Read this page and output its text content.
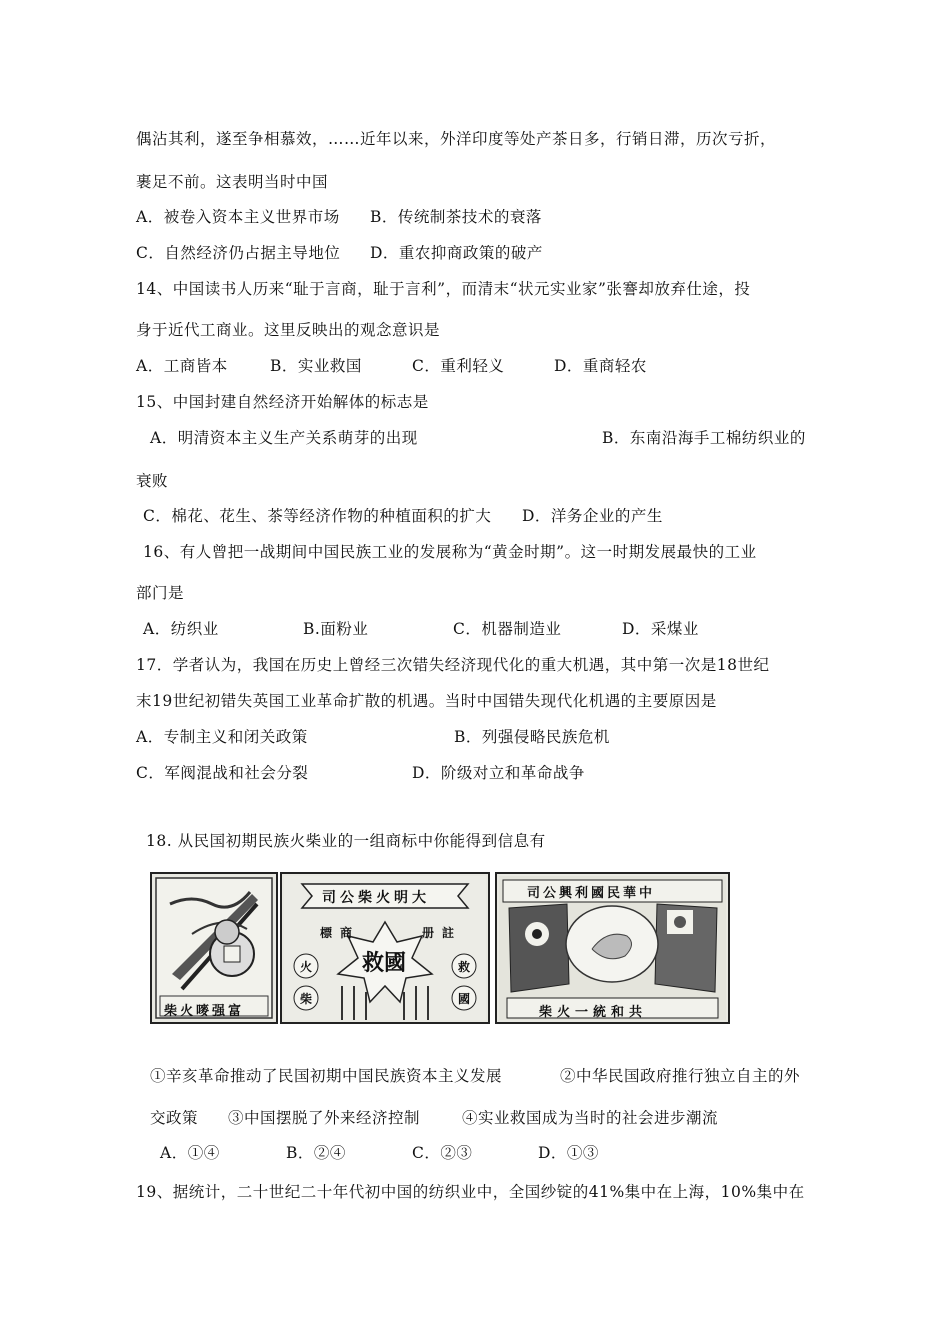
偶沾其利，遂至争相慕效，……近年以来，外洋印度等处产茶日多，行销日滞，历次亏折，
裹足不前。这表明当时中国
A．被卷入资本主义世界市场 B．传统制茶技术的衰落
C．自然经济仍占据主导地位 D．重农抑商政策的破产
14、中国读书人历来“耻于言商，耻于言利”，而清末“状元实业家”张謇却放弃仕途，投
身于近代工商业。这里反映出的观念意识是
A．工商皆本	B．实业救国	C．重利轻义	D．重商轻农
15、中国封建自然经济开始解体的标志是
A．明清资本主义生产关系萌芽的出现	B．东南沿海手工棉纺织业的
衰败
C．棉花、花生、茶等经济作物的种植面积的扩大 D．洋务企业的产生
16、有人曾把一战期间中国民族工业的发展称为“黄金时期”。这一时期发展最快的工业
部门是
A．纺织业	B.面粉业	C．机器制造业	D．采煤业
17．学者认为，我国在历史上曾经三次错失经济现代化的重大机遇，其中第一次是18世纪
末19世纪初错失英国工业革命扩散的机遇。当时中国错失现代化机遇的主要原因是
A．专制主义和闭关政策	B．列强侵略民族危机
C．军阀混战和社会分裂	D．阶级对立和革命战争
18. 从民国初期民族火柴业的一组商标中你能得到信息有
柴火嘜强富
司公柴火明大
標 商	册 註
救國
火
柴
救
國
司公興利國民華中
柴火一統和共
①辛亥革命推动了民国初期中国民族资本主义发展	②中华民国政府推行独立自主的外
交政策 ③中国摆脱了外来经济控制	④实业救国成为当时的社会进步潮流
A．①④	B．②④	C．②③	D．①③
19、据统计，二十世纪二十年代初中国的纺织业中，全国纱锭的41%集中在上海，10%集中在
